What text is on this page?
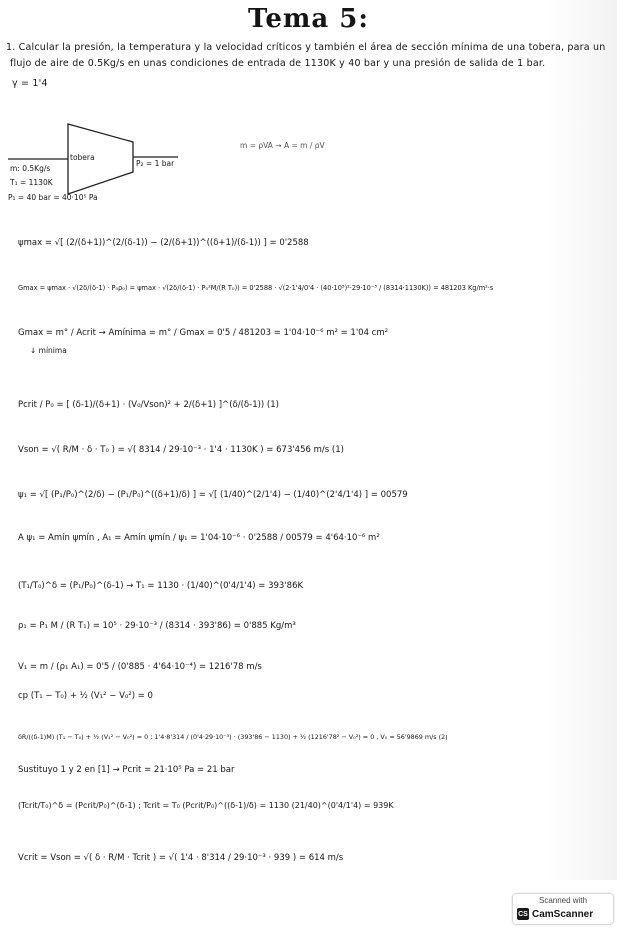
Tema 5:
1. Calcular la presión, la temperatura y la velocidad críticos y también el área de sección mínima de una tobera, para un
flujo de aire de 0.5Kg/s en unas condiciones de entrada de 1130K y 40 bar y una presión de salida de 1 bar.
γ = 1'4
tobera
m: 0.5Kg/s
T₁ = 1130K
P₁ = 40 bar = 40·10⁵ Pa
P₂ = 1 bar
m = ρVA → A = m / ρV
ψmax = √[ (2/(δ+1))^(2/(δ-1)) − (2/(δ+1))^((δ+1)/(δ-1)) ] = 0'2588
Gmax = ψmax · √(2δ/(δ-1) · P₀ρ₀) = ψmax · √(2δ/(δ-1) · P₀²M/(R T₀)) = 0'2588 · √(2·1'4/0'4 · (40·10⁵)²·29·10⁻³ / (8314·1130K)) = 481203 Kg/m²·s
Gmax = m° / Acrit → Amínima = m° / Gmax = 0'5 / 481203 = 1'04·10⁻⁶ m² = 1'04 cm²
↓ mínima
Pcrit / P₀ = [ (δ-1)/(δ+1) · (V₀/Vson)² + 2/(δ+1) ]^(δ/(δ-1)) (1)
Vson = √( R/M · δ · T₀ ) = √( 8314 / 29·10⁻³ · 1'4 · 1130K ) = 673'456 m/s (1)
ψ₁ = √[ (P₁/P₀)^(2/δ) − (P₁/P₀)^((δ+1)/δ) ] = √[ (1/40)^(2/1'4) − (1/40)^(2'4/1'4) ] = 00579
A ψ₁ = Amín ψmín , A₁ = Amín ψmín / ψ₁ = 1'04·10⁻⁶ · 0'2588 / 00579 = 4'64·10⁻⁶ m²
(T₁/T₀)^δ = (P₁/P₀)^(δ-1) → T₁ = 1130 · (1/40)^(0'4/1'4) = 393'86K
ρ₁ = P₁ M / (R T₁) = 10⁵ · 29·10⁻³ / (8314 · 393'86) = 0'885 Kg/m³
V₁ = m / (ρ₁ A₁) = 0'5 / (0'885 · 4'64·10⁻⁴) = 1216'78 m/s
cp (T₁ − T₀) + ½ (V₁² − V₀²) = 0
δR/((δ-1)M) (T₁ − T₀) + ½ (V₁² − V₀²) = 0 ; 1'4·8'314 / (0'4·29·10⁻³) · (393'86 − 1130) + ½ (1216'78² − V₀²) = 0 , V₀ = 56'9869 m/s (2)
Sustituyo 1 y 2 en [1] → Pcrit = 21·10⁵ Pa = 21 bar
(Tcrit/T₀)^δ = (Pcrit/P₀)^(δ-1) ; Tcrit = T₀ (Pcrit/P₀)^((δ-1)/δ) = 1130 (21/40)^(0'4/1'4) = 939K
Vcrit = Vson = √( δ · R/M · Tcrit ) = √( 1'4 · 8'314 / 29·10⁻³ · 939 ) = 614 m/s
Scanned with
CS CamScanner
